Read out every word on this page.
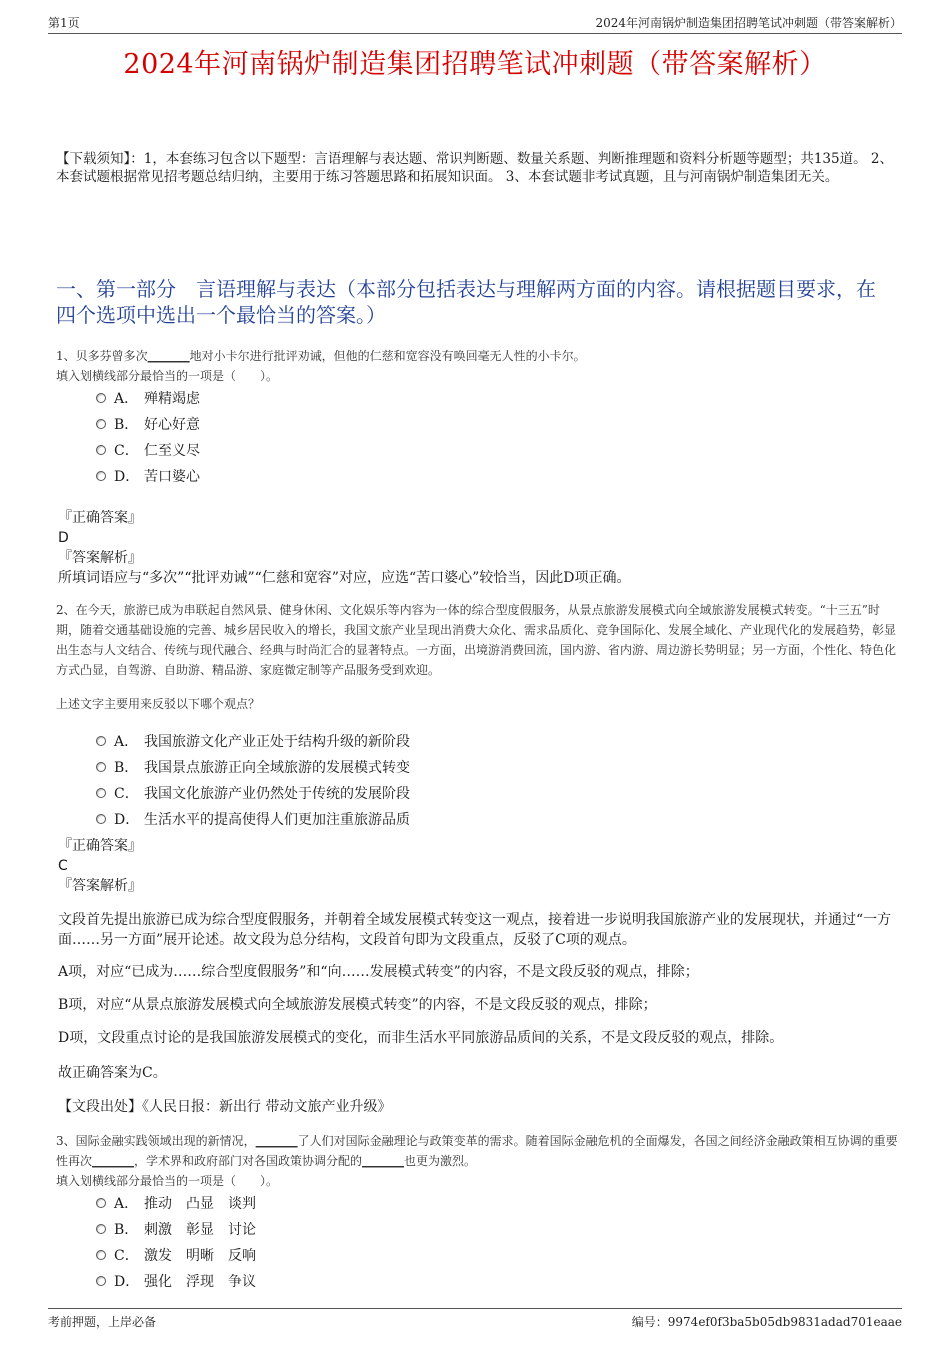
第1页	2024年河南锅炉制造集团招聘笔试冲刺题（带答案解析）
2024年河南锅炉制造集团招聘笔试冲刺题（带答案解析）
【下载须知】：1，本套练习包含以下题型：言语理解与表达题、常识判断题、数量关系题、判断推理题和资料分析题等题型；共135道。 2、本套试题根据常见招考题总结归纳，主要用于练习答题思路和拓展知识面。 3、本套试题非考试真题，且与河南锅炉制造集团无关。
一、第一部分　言语理解与表达（本部分包括表达与理解两方面的内容。请根据题目要求，在四个选项中选出一个最恰当的答案。）
1、贝多芬曾多次_______地对小卡尔进行批评劝诫，但他的仁慈和宽容没有唤回毫无人性的小卡尔。
填入划横线部分最恰当的一项是（　　）。
A． 殚精竭虑
B． 好心好意
C． 仁至义尽
D． 苦口婆心
『正确答案』
D
『答案解析』
所填词语应与“多次”“批评劝诫”“仁慈和宽容”对应，应选“苦口婆心”较恰当，因此D项正确。
2、在今天，旅游已成为串联起自然风景、健身休闲、文化娱乐等内容为一体的综合型度假服务，从景点旅游发展模式向全域旅游发展模式转变。“十三五”时期，随着交通基础设施的完善、城乡居民收入的增长，我国文旅产业呈现出消费大众化、需求品质化、竞争国际化、发展全域化、产业现代化的发展趋势，彰显出生态与人文结合、传统与现代融合、经典与时尚汇合的显著特点。一方面，出境游消费回流，国内游、省内游、周边游长势明显；另一方面，个性化、特色化方式凸显，自驾游、自助游、精品游、家庭微定制等产品服务受到欢迎。
上述文字主要用来反驳以下哪个观点？
A． 我国旅游文化产业正处于结构升级的新阶段
B． 我国景点旅游正向全域旅游的发展模式转变
C． 我国文化旅游产业仍然处于传统的发展阶段
D． 生活水平的提高使得人们更加注重旅游品质
『正确答案』
C
『答案解析』
文段首先提出旅游已成为综合型度假服务，并朝着全域发展模式转变这一观点，接着进一步说明我国旅游产业的发展现状，并通过“一方面……另一方面”展开论述。故文段为总分结构，文段首句即为文段重点，反驳了C项的观点。
A项，对应“已成为……综合型度假服务”和“向……发展模式转变”的内容，不是文段反驳的观点，排除；
B项，对应“从景点旅游发展模式向全域旅游发展模式转变”的内容，不是文段反驳的观点，排除；
D项，文段重点讨论的是我国旅游发展模式的变化，而非生活水平同旅游品质间的关系，不是文段反驳的观点，排除。
故正确答案为C。
【文段出处】《人民日报：新出行 带动文旅产业升级》
3、国际金融实践领域出现的新情况，_______了人们对国际金融理论与政策变革的需求。随着国际金融危机的全面爆发，各国之间经济金融政策相互协调的重要性再次_______，学术界和政府部门对各国政策协调分配的_______也更为激烈。
填入划横线部分最恰当的一项是（　　）。
A． 推动　凸显　谈判
B． 刺激　彰显　讨论
C． 激发　明晰　反响
D． 强化　浮现　争议
考前押题，上岸必备	编号：9974ef0f3ba5b05db9831adad701eaae
